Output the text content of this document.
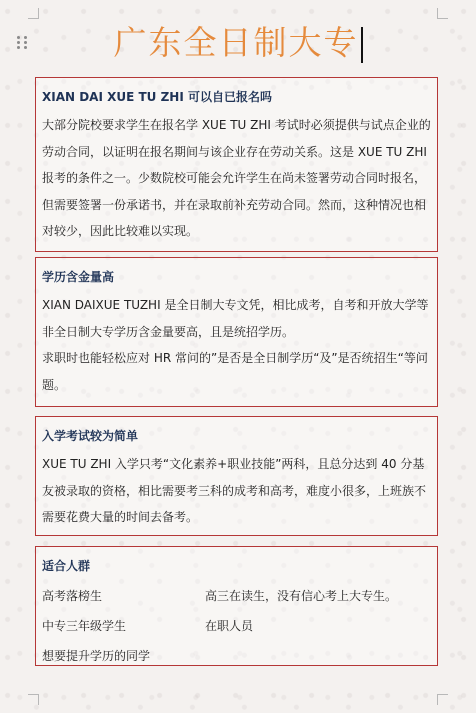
广东全日制大专
XIAN DAI XUE TU ZHI 可以自已报名吗

大部分院校要求学生在报名学 XUE TU ZHI 考试时必须提供与试点企业的劳动合同，以证明在报名期间与该企业存在劳动关系。这是 XUE TU ZHI 报考的条件之一。少数院校可能会允许学生在尚未签署劳动合同时报名，但需要签署一份承诺书，并在录取前补充劳动合同。然而，这种情况也相对较少，因此比较难以实现。

学历含金量高

XIAN DAIXUE TUZHI 是全日制大专文凭，相比成考，自考和开放大学等非全日制大专学历含金量要高，且是统招学历。

求职时也能轻松应对 HR 常问的”是否是全日制学历“及”是否统招生“等问题。

入学考试较为简单

XUE TU ZHI 入学只考“文化素养+职业技能”两科，且总分达到 40 分基友被录取的资格，相比需要考三科的成考和高考，难度小很多，上班族不需要花费大量的时间去备考。

适合人群
高考落榜生	高三在读生，没有信心考上大专生。
中专三年级学生	在职人员
想要提升学历的同学
